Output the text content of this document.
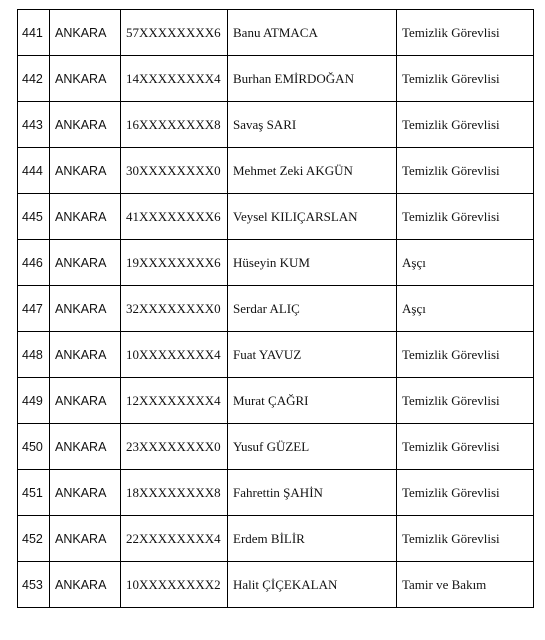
441	ANKARA	57XXXXXXXX6	Banu ATMACA	Temizlik Görevlisi
442	ANKARA	14XXXXXXXX4	Burhan EMİRDOĞAN	Temizlik Görevlisi
443	ANKARA	16XXXXXXXX8	Savaş SARI	Temizlik Görevlisi
444	ANKARA	30XXXXXXXX0	Mehmet Zeki AKGÜN	Temizlik Görevlisi
445	ANKARA	41XXXXXXXX6	Veysel KILIÇARSLAN	Temizlik Görevlisi
446	ANKARA	19XXXXXXXX6	Hüseyin KUM	Aşçı
447	ANKARA	32XXXXXXXX0	Serdar ALIÇ	Aşçı
448	ANKARA	10XXXXXXXX4	Fuat YAVUZ	Temizlik Görevlisi
449	ANKARA	12XXXXXXXX4	Murat ÇAĞRI	Temizlik Görevlisi
450	ANKARA	23XXXXXXXX0	Yusuf GÜZEL	Temizlik Görevlisi
451	ANKARA	18XXXXXXXX8	Fahrettin ŞAHİN	Temizlik Görevlisi
452	ANKARA	22XXXXXXXX4	Erdem BİLİR	Temizlik Görevlisi
453	ANKARA	10XXXXXXXX2	Halit ÇİÇEKALAN	Tamir ve Bakım
